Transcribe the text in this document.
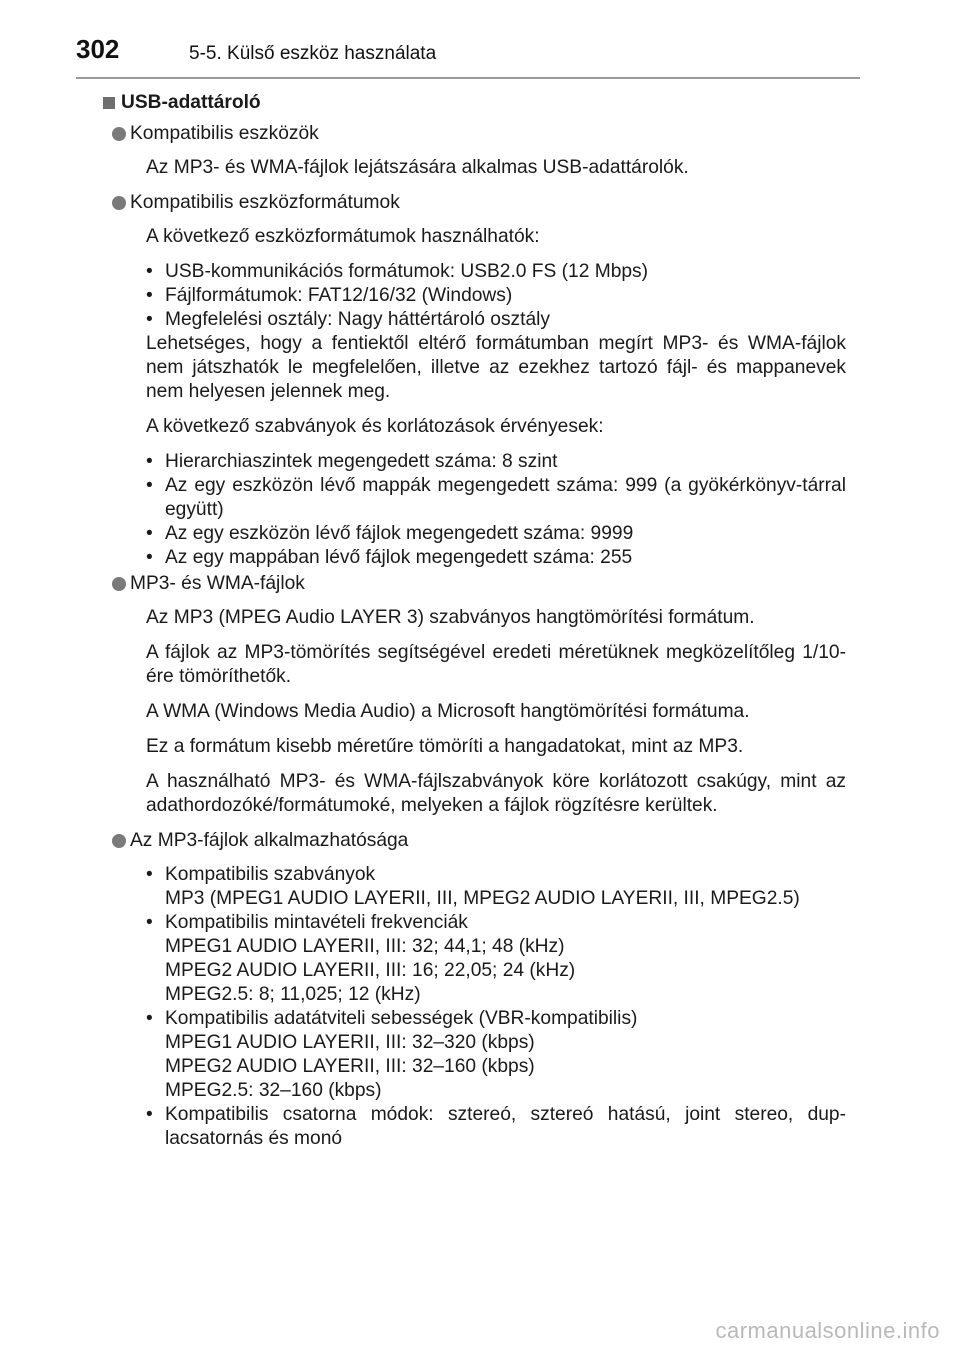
302	5-5. Külső eszköz használata
USB-adattároló
Kompatibilis eszközök

Az MP3- és WMA-fájlok lejátszására alkalmas USB-adattárolók.

Kompatibilis eszközformátumok

A következő eszközformátumok használhatók:

• USB-kommunikációs formátumok: USB2.0 FS (12 Mbps)
• Fájlformátumok: FAT12/16/32 (Windows)
• Megfelelési osztály: Nagy háttértároló osztály
Lehetséges, hogy a fentiektől eltérő formátumban megírt MP3- és WMA-fájlok nem játszhatók le megfelelően, illetve az ezekhez tartozó fájl- és mappanevek nem helyesen jelennek meg.

A következő szabványok és korlátozások érvényesek:

• Hierarchiaszintek megengedett száma: 8 szint
• Az egy eszközön lévő mappák megengedett száma: 999 (a gyökérkönyv-tárral együtt)
• Az egy eszközön lévő fájlok megengedett száma: 9999
• Az egy mappában lévő fájlok megengedett száma: 255
MP3- és WMA-fájlok

Az MP3 (MPEG Audio LAYER 3) szabványos hangtömörítési formátum.

A fájlok az MP3-tömörítés segítségével eredeti méretüknek megközelítőleg 1/10-ére tömöríthetők.

A WMA (Windows Media Audio) a Microsoft hangtömörítési formátuma.

Ez a formátum kisebb méretűre tömöríti a hangadatokat, mint az MP3.

A használható MP3- és WMA-fájlszabványok köre korlátozott csakúgy, mint az adathordozóké/formátumoké, melyeken a fájlok rögzítésre kerültek.

Az MP3-fájlok alkalmazhatósága
• Kompatibilis szabványok
MP3 (MPEG1 AUDIO LAYERII, III, MPEG2 AUDIO LAYERII, III, MPEG2.5)
• Kompatibilis mintavételi frekvenciák
MPEG1 AUDIO LAYERII, III: 32; 44,1; 48 (kHz)
MPEG2 AUDIO LAYERII, III: 16; 22,05; 24 (kHz)
MPEG2.5: 8; 11,025; 12 (kHz)
• Kompatibilis adatátviteli sebességek (VBR-kompatibilis)
MPEG1 AUDIO LAYERII, III: 32–320 (kbps)
MPEG2 AUDIO LAYERII, III: 32–160 (kbps)
MPEG2.5: 32–160 (kbps)
• Kompatibilis csatorna módok: sztereó, sztereó hatású, joint stereo, dup-lacsatornás és monó
carmanualsonline.info
